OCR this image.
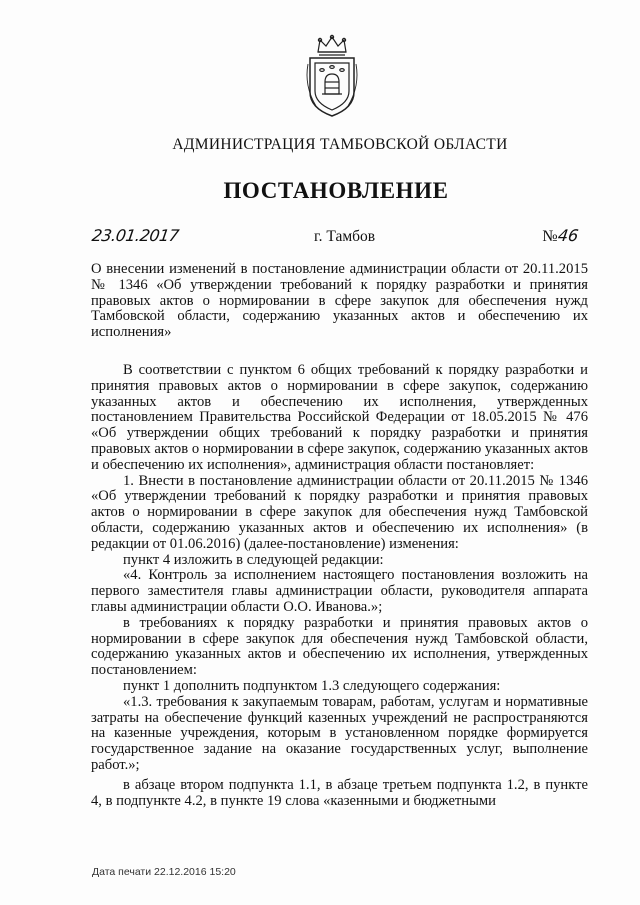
АДМИНИСТРАЦИЯ ТАМБОВСКОЙ ОБЛАСТИ
ПОСТАНОВЛЕНИЕ
23.01.2017	г. Тамбов	№46
О внесении изменений в постановление администрации области от 20.11.2015 № 1346 «Об утверждении требований к порядку разработки и принятия правовых актов о нормировании в сфере закупок для обеспечения нужд Тамбовской области, содержанию указанных актов и обеспечению их исполнения»

В соответствии с пунктом 6 общих требований к порядку разработки и принятия правовых актов о нормировании в сфере закупок, содержанию указанных актов и обеспечению их исполнения, утвержденных постановлением Правительства Российской Федерации от 18.05.2015 № 476 «Об утверждении общих требований к порядку разработки и принятия правовых актов о нормировании в сфере закупок, содержанию указанных актов и обеспечению их исполнения», администрация области постановляет:

1. Внести в постановление администрации области от 20.11.2015 № 1346 «Об утверждении требований к порядку разработки и принятия правовых актов о нормировании в сфере закупок для обеспечения нужд Тамбовской области, содержанию указанных актов и обеспечению их исполнения» (в редакции от 01.06.2016) (далее-постановление) изменения:

пункт 4 изложить в следующей редакции:

«4. Контроль за исполнением настоящего постановления возложить на первого заместителя главы администрации области, руководителя аппарата главы администрации области О.О. Иванова.»;

в требованиях к порядку разработки и принятия правовых актов о нормировании в сфере закупок для обеспечения нужд Тамбовской области, содержанию указанных актов и обеспечению их исполнения, утвержденных постановлением:

пункт 1 дополнить подпунктом 1.3 следующего содержания:

«1.3. требования к закупаемым товарам, работам, услугам и нормативные затраты на обеспечение функций казенных учреждений не распространяются на казенные учреждения, которым в установленном порядке формируется государственное задание на оказание государственных услуг, выполнение работ.»;

в абзаце втором подпункта 1.1, в абзаце третьем подпункта 1.2, в пункте 4, в подпункте 4.2, в пункте 19 слова «казенными и бюджетными

Дата печати 22.12.2016 15:20
